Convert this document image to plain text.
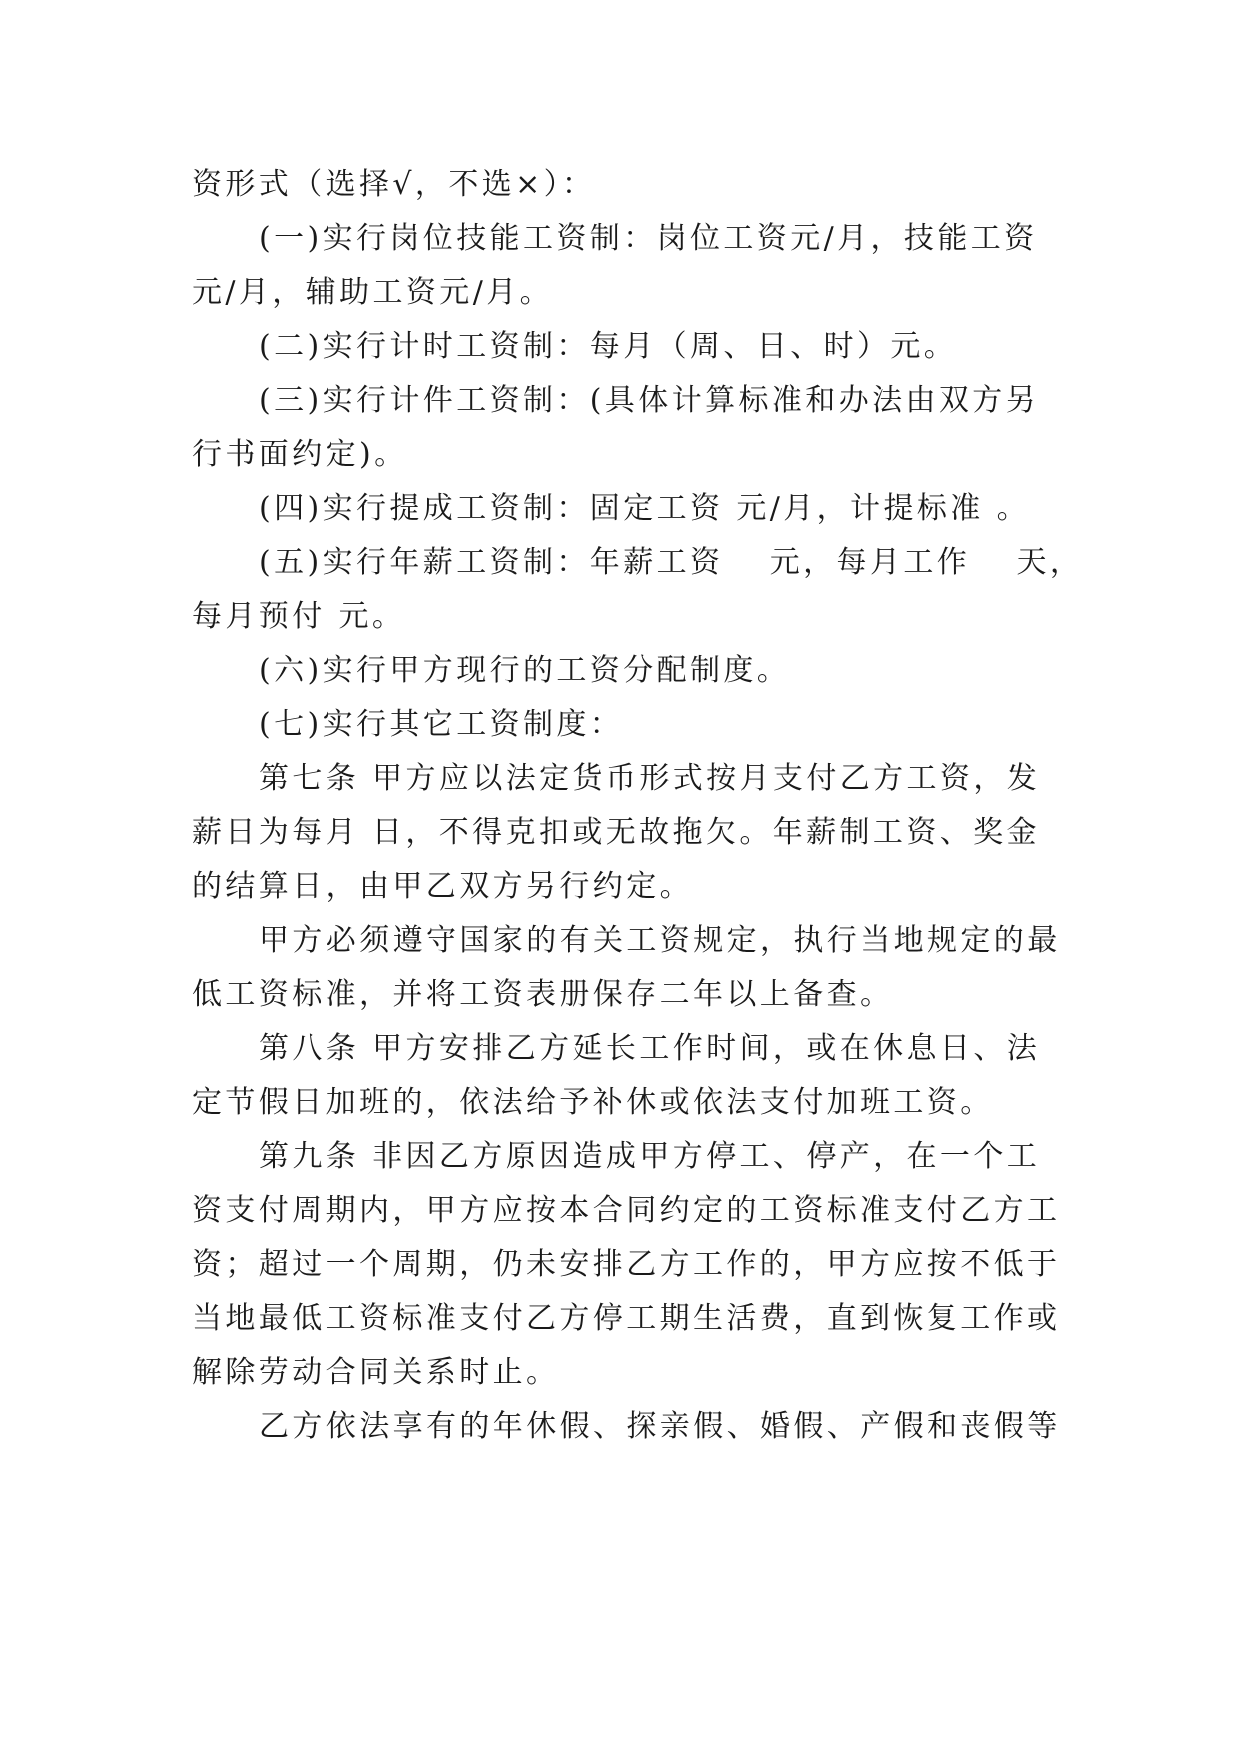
资形式（选择√，不选×）：
(一)实行岗位技能工资制：岗位工资元/月，技能工资
元/月，辅助工资元/月。
(二)实行计时工资制：每月（周、日、时）元。
(三)实行计件工资制：(具体计算标准和办法由双方另
行书面约定)。
(四)实行提成工资制：固定工资 元/月，计提标准 。
(五)实行年薪工资制：年薪工资　 元，每月工作　 天，
每月预付 元。
(六)实行甲方现行的工资分配制度。
(七)实行其它工资制度：
第七条 甲方应以法定货币形式按月支付乙方工资，发
薪日为每月 日，不得克扣或无故拖欠。年薪制工资、奖金
的结算日，由甲乙双方另行约定。
甲方必须遵守国家的有关工资规定，执行当地规定的最
低工资标准，并将工资表册保存二年以上备查。
第八条 甲方安排乙方延长工作时间，或在休息日、法
定节假日加班的，依法给予补休或依法支付加班工资。
第九条 非因乙方原因造成甲方停工、停产，在一个工
资支付周期内，甲方应按本合同约定的工资标准支付乙方工
资；超过一个周期，仍未安排乙方工作的，甲方应按不低于
当地最低工资标准支付乙方停工期生活费，直到恢复工作或
解除劳动合同关系时止。
乙方依法享有的年休假、探亲假、婚假、产假和丧假等
